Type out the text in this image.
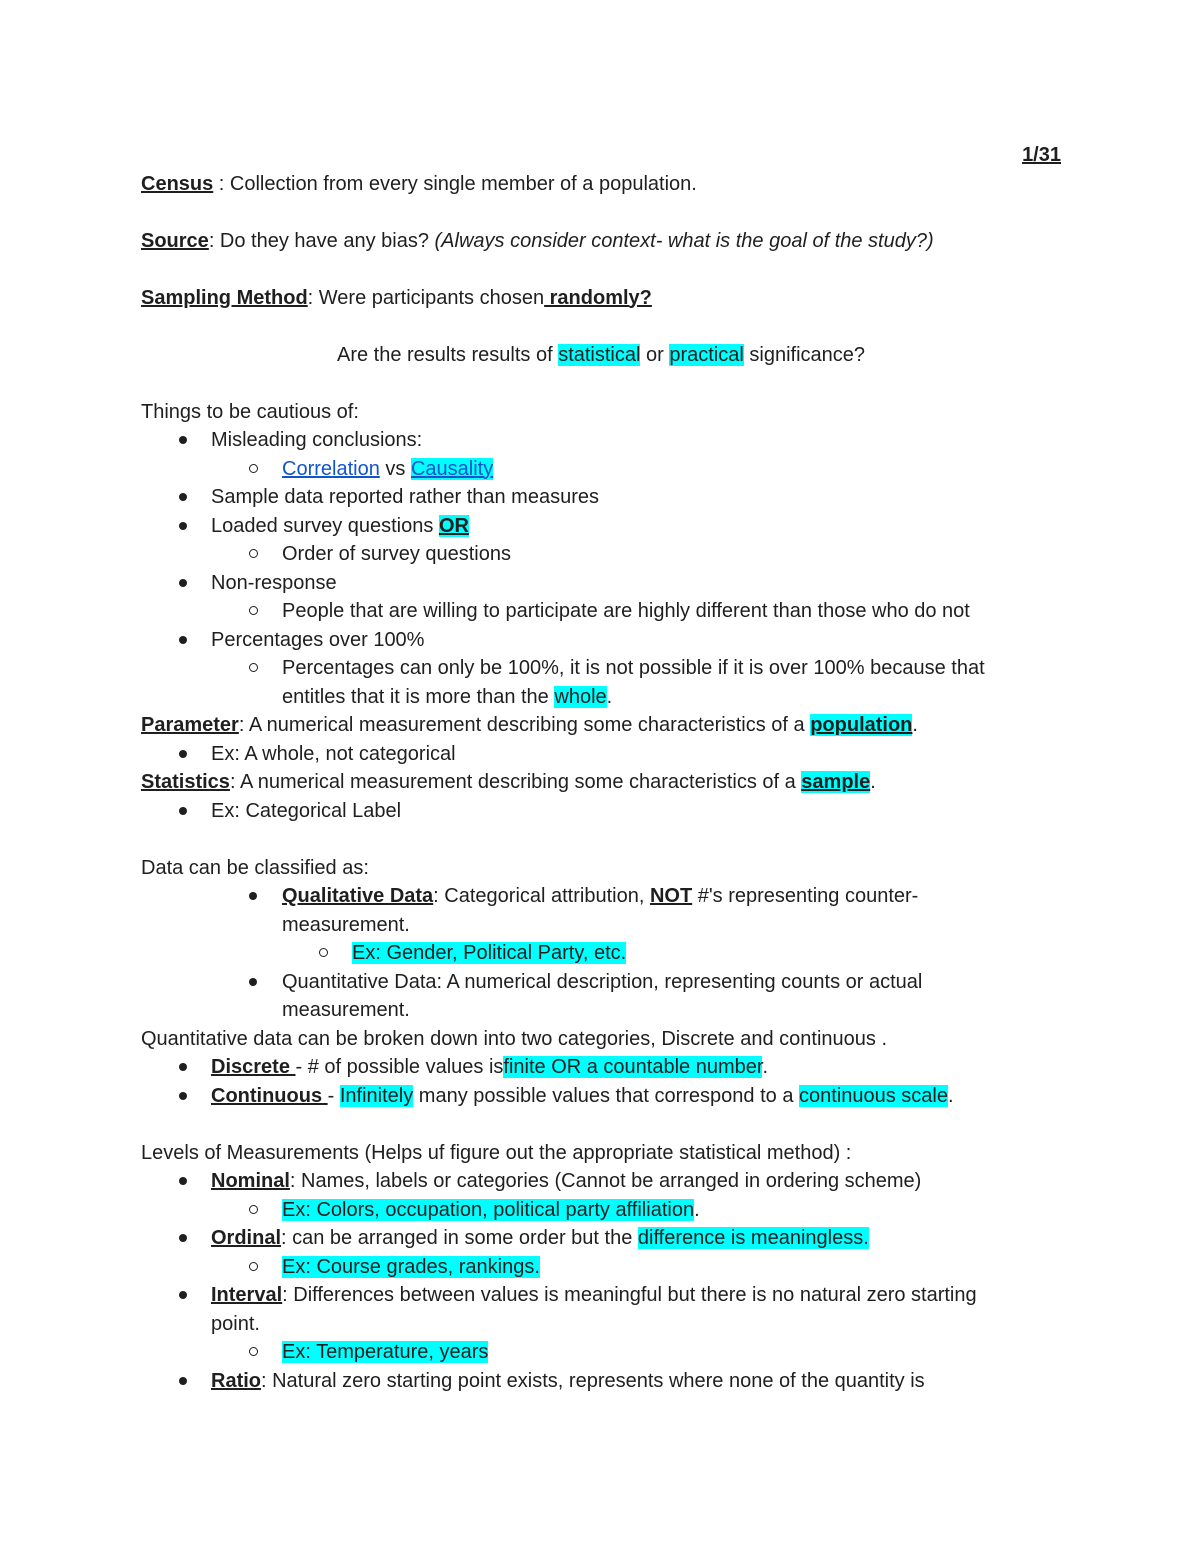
1/31
Census : Collection from every single member of a population.
Source: Do they have any bias? (Always consider context- what is the goal of the study?)
Sampling Method: Were participants chosen randomly?
Are the results results of statistical or practical significance?
Things to be cautious of:
Misleading conclusions:
Correlation vs Causality
Sample data reported rather than measures
Loaded survey questions OR
Order of survey questions
Non-response
People that are willing to participate are highly different than those who do not
Percentages over 100%
Percentages can only be 100%, it is not possible if it is over 100% because that
entitles that it is more than the whole.
Parameter: A numerical measurement describing some characteristics of a population.
Ex: A whole, not categorical
Statistics: A numerical measurement describing some characteristics of a sample.
Ex: Categorical Label
Data can be classified as:
Qualitative Data: Categorical attribution, NOT #'s representing counter-
measurement.
Ex: Gender, Political Party, etc.
Quantitative Data: A numerical description, representing counts or actual
measurement.
Quantitative data can be broken down into two categories, Discrete and continuous .
Discrete - # of possible values isfinite OR a countable number.
Continuous - Infinitely many possible values that correspond to a continuous scale.
Levels of Measurements (Helps uf figure out the appropriate statistical method) :
Nominal: Names, labels or categories (Cannot be arranged in ordering scheme)
Ex: Colors, occupation, political party affiliation.
Ordinal: can be arranged in some order but the difference is meaningless.
Ex: Course grades, rankings.
Interval: Differences between values is meaningful but there is no natural zero starting
point.
Ex: Temperature, years
Ratio: Natural zero starting point exists, represents where none of the quantity is
